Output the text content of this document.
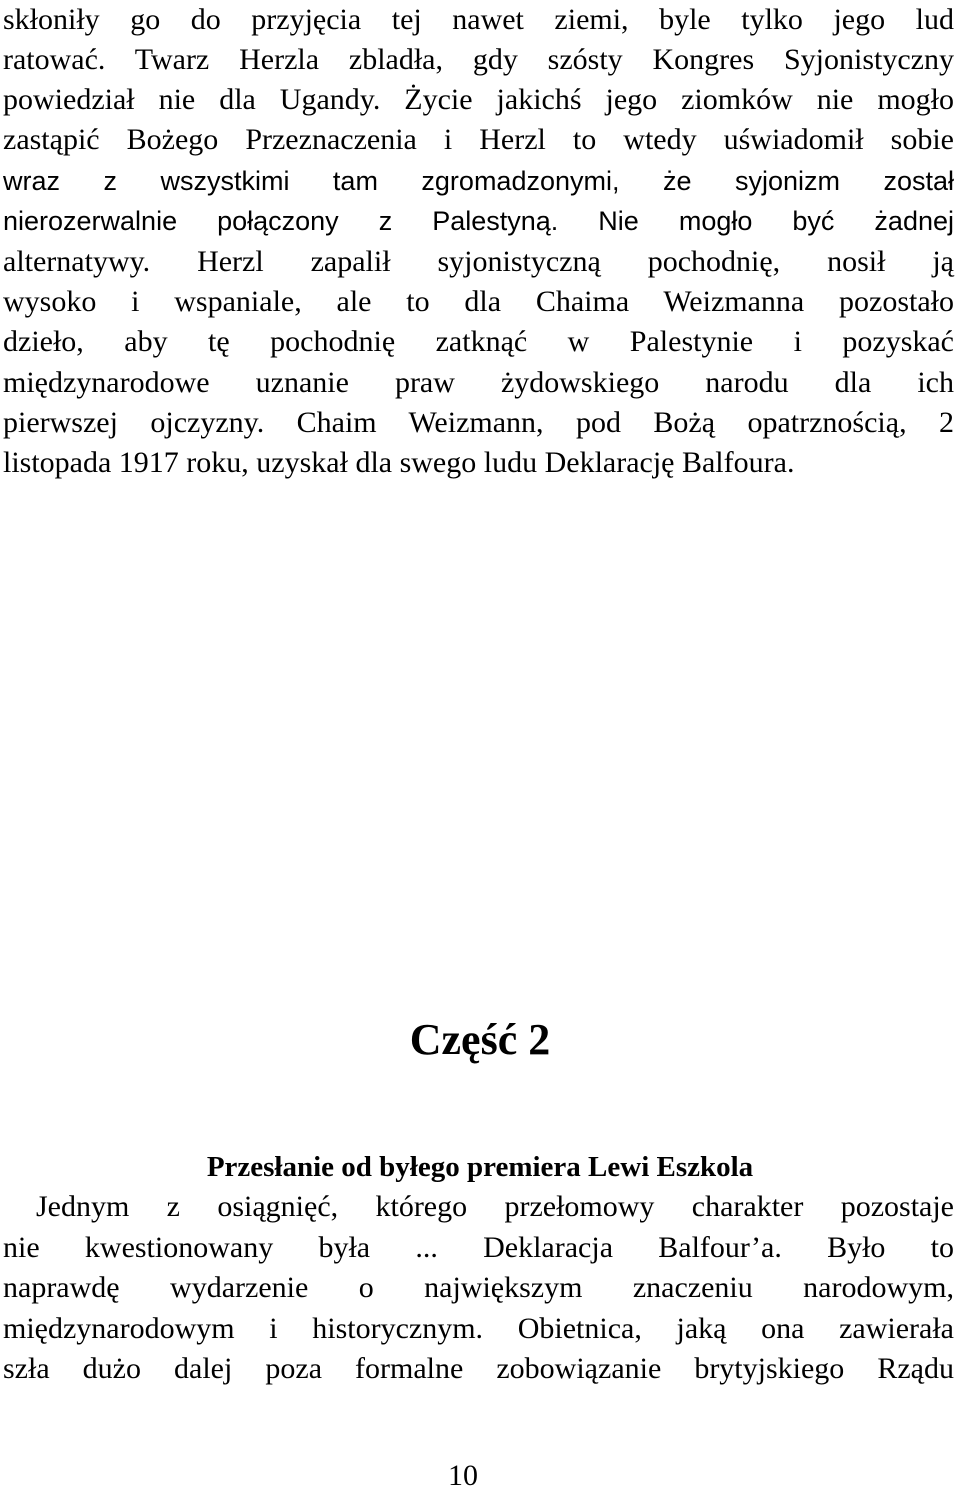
skłoniły go do przyjęcia tej nawet ziemi, byle tylko jego lud
ratować. Twarz Herzla zbladła, gdy szósty Kongres Syjonistyczny
powiedział nie dla Ugandy. Życie jakichś jego ziomków nie mogło
zastąpić Bożego Przeznaczenia i Herzl to wtedy uświadomił sobie
wraz z wszystkimi tam zgromadzonymi, że syjonizm został
nierozerwalnie połączony z Palestyną. Nie mogło być żadnej
alternatywy. Herzl zapalił syjonistyczną pochodnię, nosił ją
wysoko i wspaniale, ale to dla Chaima Weizmanna pozostało
dzieło, aby tę pochodnię zatknąć w Palestynie i pozyskać
międzynarodowe uznanie praw żydowskiego narodu dla ich
pierwszej ojczyzny. Chaim Weizmann, pod Bożą opatrznością, 2
listopada 1917 roku, uzyskał dla swego ludu Deklarację Balfoura.
Część 2
Przesłanie od byłego premiera Lewi Eszkola
Jednym z osiągnięć, którego przełomowy charakter pozostaje
nie kwestionowany była ... Deklaracja Balfour’a. Było to
naprawdę wydarzenie o największym znaczeniu narodowym,
międzynarodowym i historycznym. Obietnica, jaką ona zawierała
szła dużo dalej poza formalne zobowiązanie brytyjskiego Rządu
10
